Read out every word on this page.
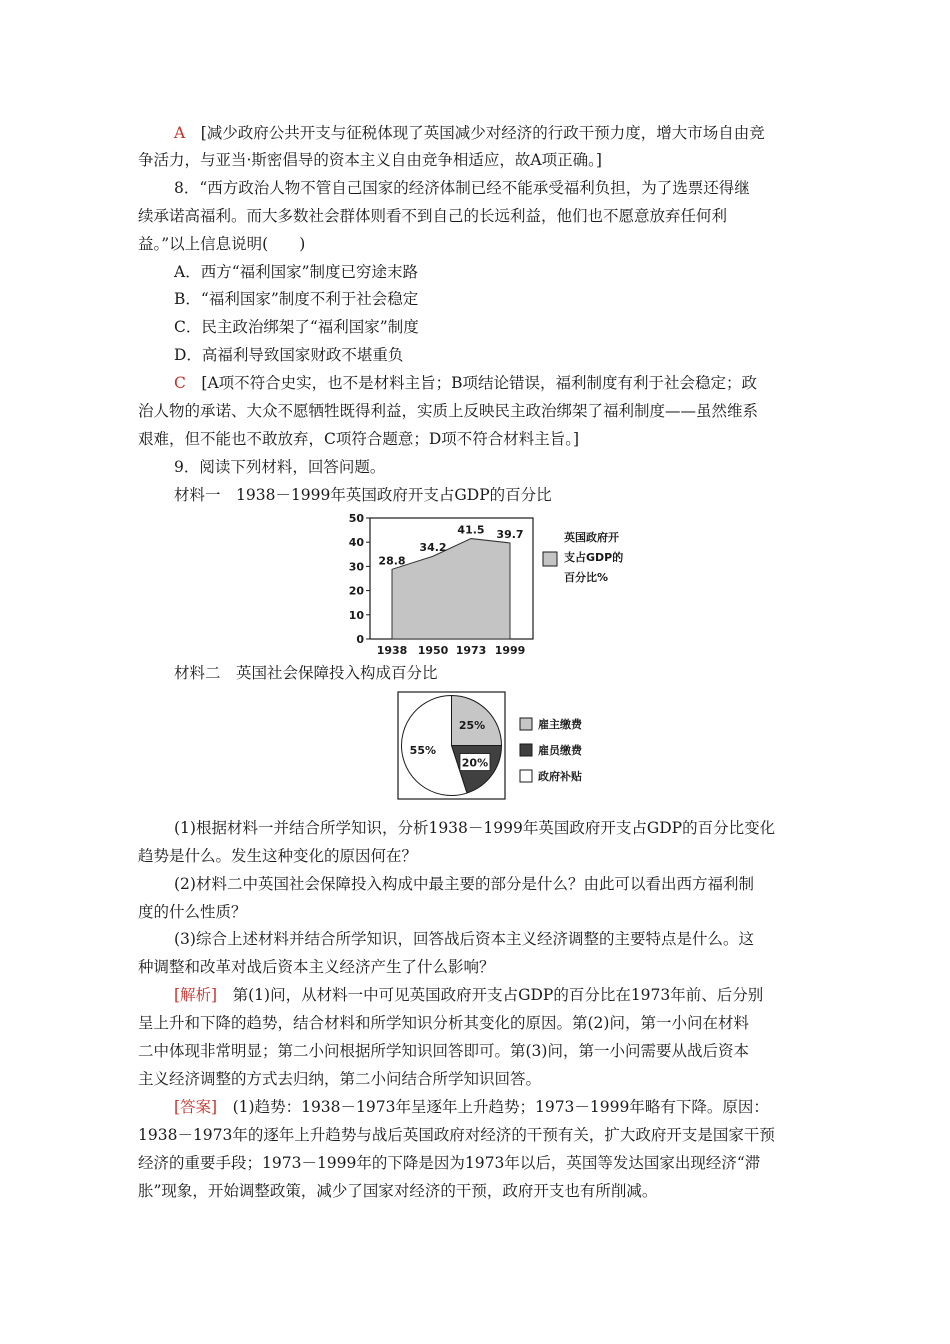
A　 [减少政府公共开支与征税体现了英国减少对经济的行政干预力度，增大市场自由竞
争活力，与亚当·斯密倡导的资本主义自由竞争相适应，故A项正确。]
8．“西方政治人物不管自己国家的经济体制已经不能承受福利负担，为了选票还得继
续承诺高福利。而大多数社会群体则看不到自己的长远利益，他们也不愿意放弃任何利
益。”以上信息说明(　　)
A．西方“福利国家”制度已穷途末路
B．“福利国家”制度不利于社会稳定
C．民主政治绑架了“福利国家”制度
D．高福利导致国家财政不堪重负
C　 [A项不符合史实，也不是材料主旨；B项结论错误，福利制度有利于社会稳定；政
治人物的承诺、大众不愿牺牲既得利益，实质上反映民主政治绑架了福利制度——虽然维系
艰难，但不能也不敢放弃，C项符合题意；D项不符合材料主旨。]
9．阅读下列材料，回答问题。
材料一　1938－1999年英国政府开支占GDP的百分比
0
10
20
30
40
50
28.8
34.2
41.5 39.7
1938 1950 1973 1999
英国政府开
支占GDP的
百分比%
材料二　英国社会保障投入构成百分比
25%
20%
55%
雇主缴费
雇员缴费
政府补贴
(1)根据材料一并结合所学知识，分析1938－1999年英国政府开支占GDP的百分比变化
趋势是什么。发生这种变化的原因何在？
(2)材料二中英国社会保障投入构成中最主要的部分是什么？由此可以看出西方福利制
度的什么性质？
(3)综合上述材料并结合所学知识，回答战后资本主义经济调整的主要特点是什么。这
种调整和改革对战后资本主义经济产生了什么影响？
[解析]　 第(1)问，从材料一中可见英国政府开支占GDP的百分比在1973年前、后分别
呈上升和下降的趋势，结合材料和所学知识分析其变化的原因。第(2)问，第一小问在材料
二中体现非常明显；第二小问根据所学知识回答即可。第(3)问，第一小问需要从战后资本
主义经济调整的方式去归纳，第二小问结合所学知识回答。
[答案]　 (1)趋势：1938－1973年呈逐年上升趋势；1973－1999年略有下降。原因：
1938－1973年的逐年上升趋势与战后英国政府对经济的干预有关，扩大政府开支是国家干预
经济的重要手段；1973－1999年的下降是因为1973年以后，英国等发达国家出现经济“滞
胀”现象，开始调整政策，减少了国家对经济的干预，政府开支也有所削减。
